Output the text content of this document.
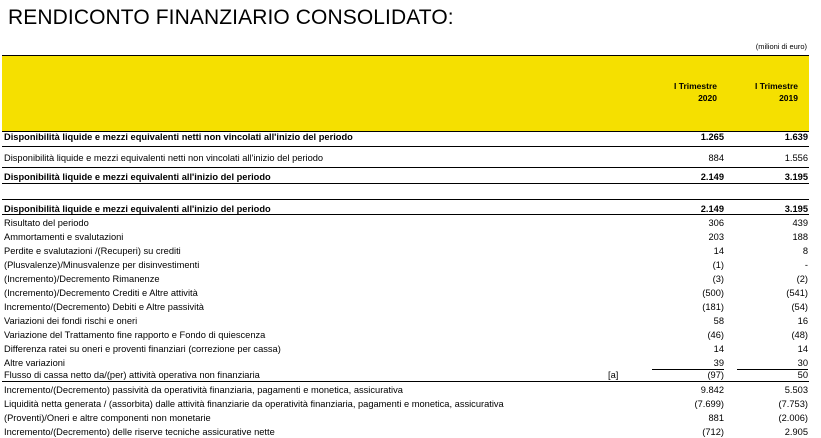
RENDICONTO FINANZIARIO CONSOLIDATO:
(milioni di euro)
I Trimestre
2020
I Trimestre
2019
Disponibilità liquide e mezzi equivalenti netti non vincolati all'inizio del periodo	1.265	1.639
Disponibilità liquide e mezzi equivalenti netti non vincolati all'inizio del periodo	884	1.556
Disponibilità liquide e mezzi equivalenti all'inizio del periodo	2.149	3.195
Disponibilità liquide e mezzi equivalenti all'inizio del periodo	2.149	3.195
Risultato del periodo	306	439
Ammortamenti e svalutazioni	203	188
Perdite e svalutazioni /(Recuperi) su crediti	14	8
(Plusvalenze)/Minusvalenze per disinvestimenti	(1)	-
(Incremento)/Decremento Rimanenze	(3)	(2)
(Incremento)/Decremento Crediti e Altre attività	(500)	(541)
Incremento/(Decremento) Debiti e Altre passività	(181)	(54)
Variazioni dei fondi rischi e oneri	58	16
Variazione del Trattamento fine rapporto e Fondo di quiescenza	(46)	(48)
Differenza ratei su oneri e proventi finanziari (correzione per cassa)	14	14
Altre variazioni	39	30
Flusso di cassa netto da/(per) attività operativa non finanziaria	[a]	(97)	50
Incremento/(Decremento) passività da operatività finanziaria, pagamenti e monetica, assicurativa	9.842	5.503
Liquidità netta generata / (assorbita) dalle attività finanziarie da operatività finanziaria, pagamenti e monetica, assicurativa	(7.699)	(7.753)
(Proventi)/Oneri e altre componenti non monetarie	881	(2.006)
Incremento/(Decremento) delle riserve tecniche assicurative nette	(712)	2.905
